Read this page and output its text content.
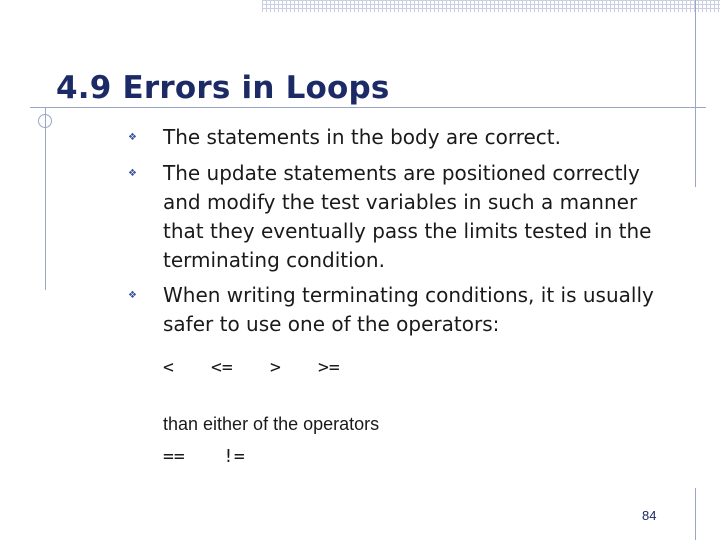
4.9 Errors in Loops
❖ The statements in the body are correct.

❖ The update statements are positioned correctly and modify the test variables in such a manner that they eventually pass the limits tested in the terminating condition.

❖ When writing terminating conditions, it is usually safer to use one of the operators:

< <= > >=

than either of the operators

== !=
84
